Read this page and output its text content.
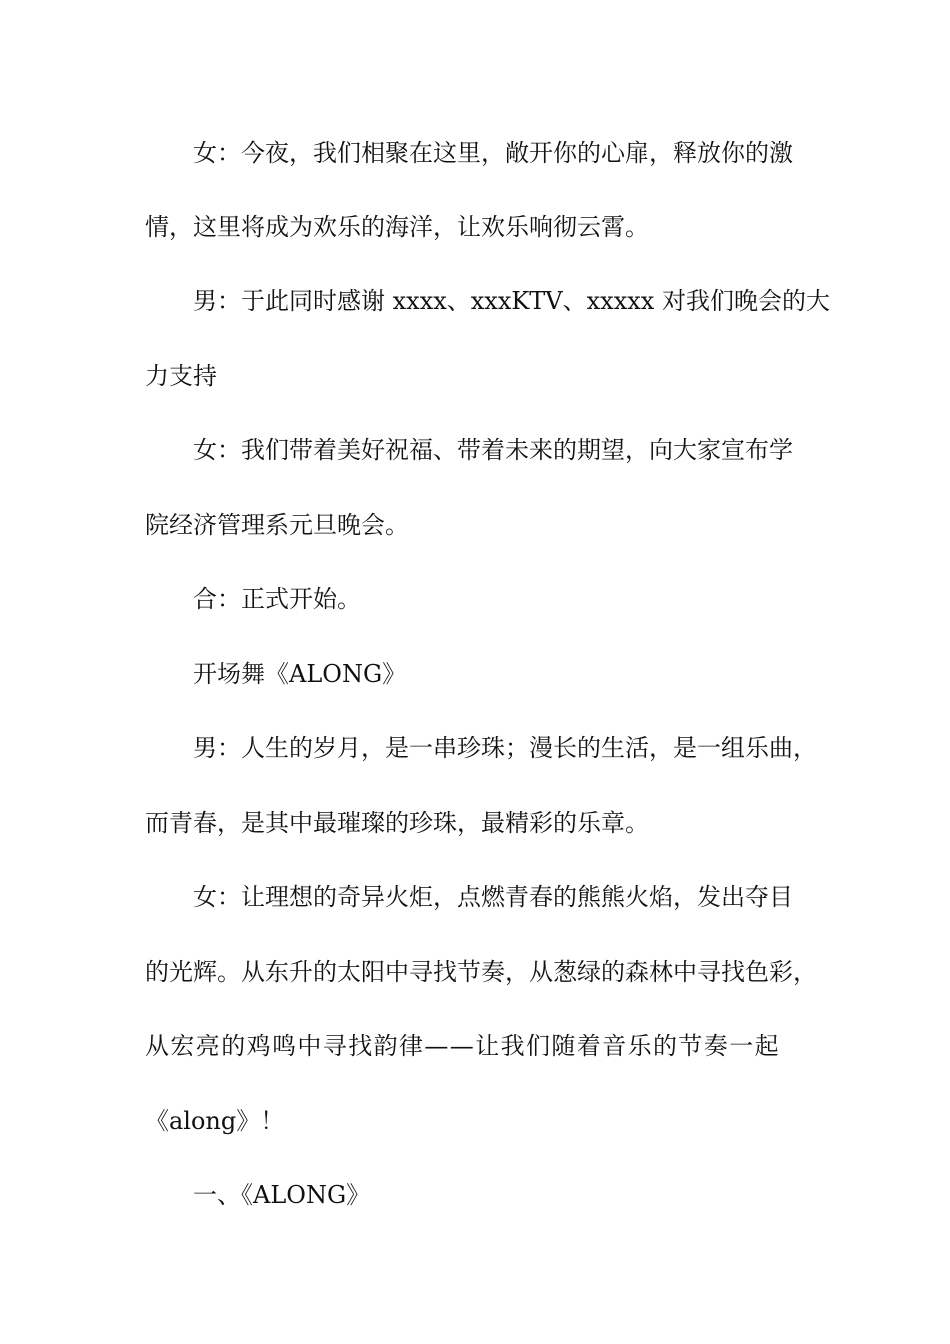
女：今夜，我们相聚在这里，敞开你的心扉，释放你的激
情，这里将成为欢乐的海洋，让欢乐响彻云霄。
男：于此同时感谢 xxxx、xxxKTV、xxxxx 对我们晚会的大
力支持
女：我们带着美好祝福、带着未来的期望，向大家宣布学
院经济管理系元旦晚会。
合：正式开始。
开场舞《ALONG》
男：人生的岁月，是一串珍珠；漫长的生活，是一组乐曲，
而青春，是其中最璀璨的珍珠，最精彩的乐章。
女：让理想的奇异火炬，点燃青春的熊熊火焰，发出夺目
的光辉。从东升的太阳中寻找节奏，从葱绿的森林中寻找色彩，
从宏亮的鸡鸣中寻找韵律——让我们随着音乐的节奏一起
《along》！
一、《ALONG》
